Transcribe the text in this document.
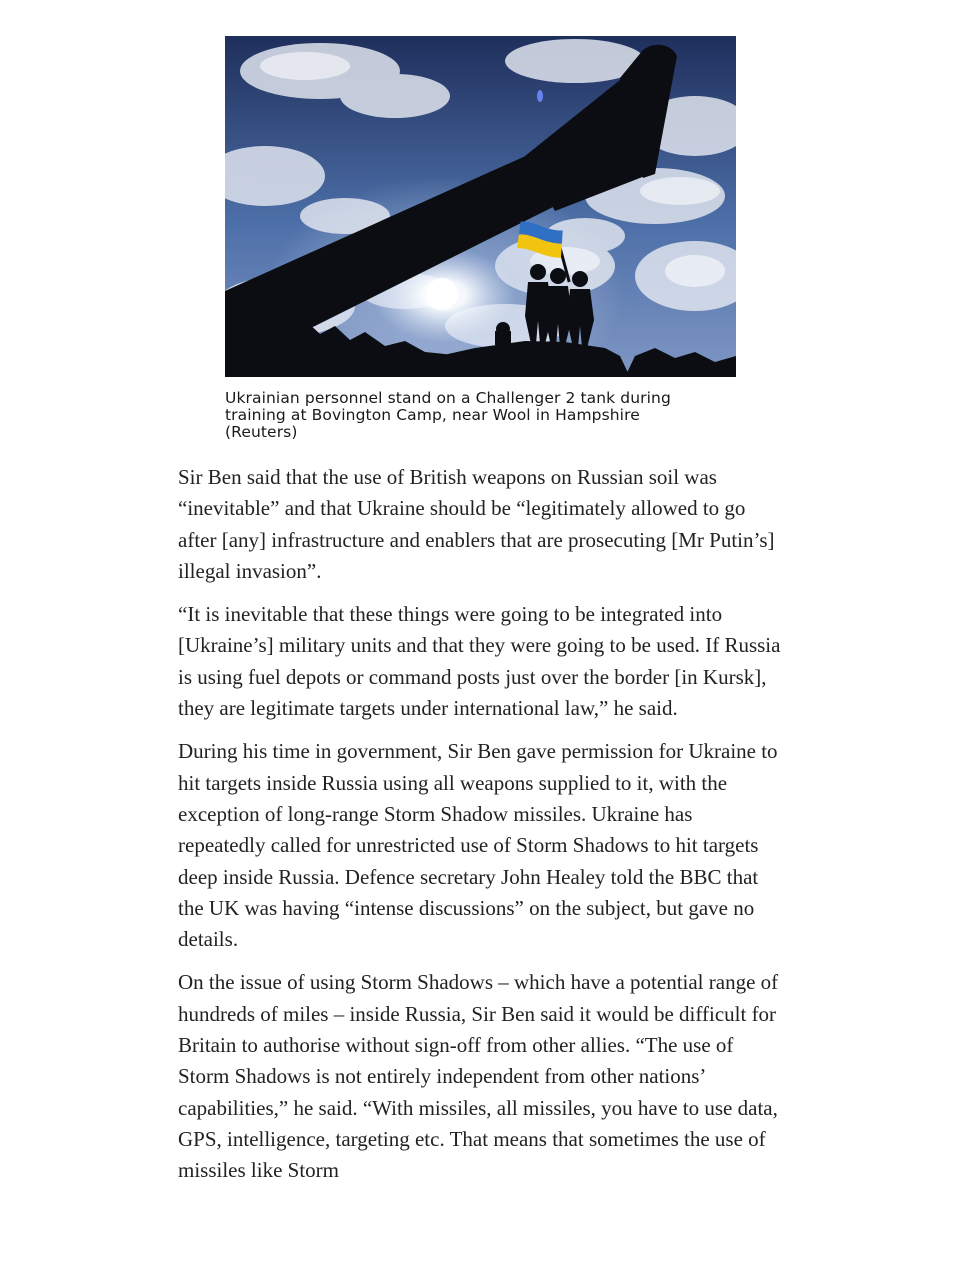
Ukrainian personnel stand on a Challenger 2 tank during training at Bovington Camp, near Wool in Hampshire (Reuters)

Sir Ben said that the use of British weapons on Russian soil was “inevitable” and that Ukraine should be “legitimately allowed to go after [any] infrastructure and enablers that are prosecuting [Mr Putin’s] illegal invasion”.

“It is inevitable that these things were going to be integrated into [Ukraine’s] military units and that they were going to be used. If Russia is using fuel depots or command posts just over the border [in Kursk], they are legitimate targets under international law,” he said.

During his time in government, Sir Ben gave permission for Ukraine to hit targets inside Russia using all weapons supplied to it, with the exception of long-range Storm Shadow missiles. Ukraine has repeatedly called for unrestricted use of Storm Shadows to hit targets deep inside Russia. Defence secretary John Healey told the BBC that the UK was having “intense discussions” on the subject, but gave no details.

On the issue of using Storm Shadows – which have a potential range of hundreds of miles – inside Russia, Sir Ben said it would be difficult for Britain to authorise without sign-off from other allies. “The use of Storm Shadows is not entirely independent from other nations’ capabilities,” he said. “With missiles, all missiles, you have to use data, GPS, intelligence, targeting etc. That means that sometimes the use of missiles like Storm
